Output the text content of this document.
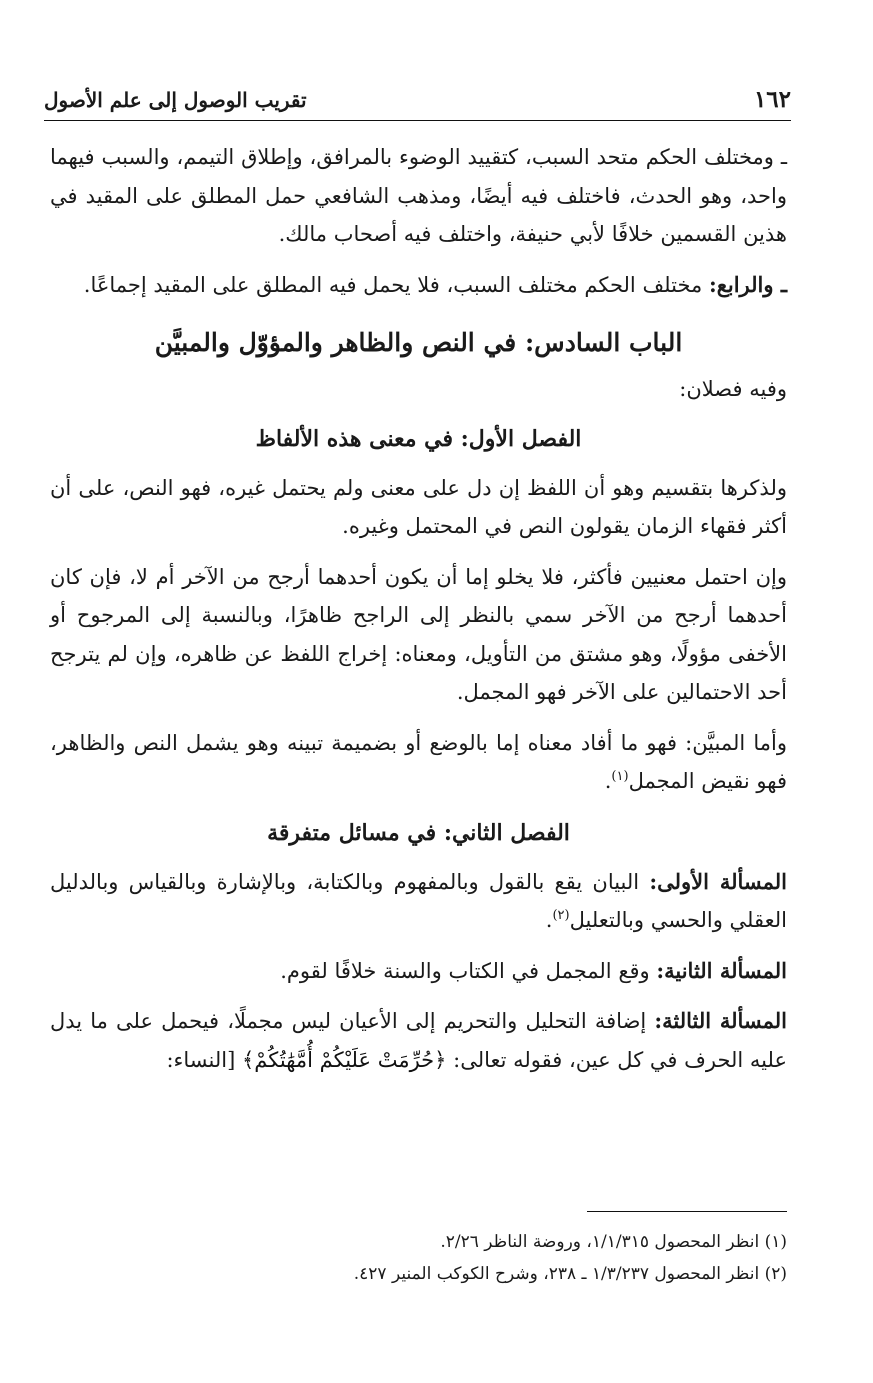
١٦٢
تقريب الوصول إلى علم الأصول

ـ ومختلف الحكم متحد السبب، كتقييد الوضوء بالمرافق، وإطلاق التيمم، والسبب فيهما واحد، وهو الحدث، فاختلف فيه أيضًا، ومذهب الشافعي حمل المطلق على المقيد في هذين القسمين خلافًا لأبي حنيفة، واختلف فيه أصحاب مالك.

ـ والرابع: مختلف الحكم مختلف السبب، فلا يحمل فيه المطلق على المقيد إجماعًا.

الباب السادس: في النص والظاهر والمؤوّل والمبيَّن

وفيه فصلان:

الفصل الأول: في معنى هذه الألفاظ

ولذكرها بتقسيم وهو أن اللفظ إن دل على معنى ولم يحتمل غيره، فهو النص، على أن أكثر فقهاء الزمان يقولون النص في المحتمل وغيره.

وإن احتمل معنيين فأكثر، فلا يخلو إما أن يكون أحدهما أرجح من الآخر أم لا، فإن كان أحدهما أرجح من الآخر سمي بالنظر إلى الراجح ظاهرًا، وبالنسبة إلى المرجوح أو الأخفى مؤولًا، وهو مشتق من التأويل، ومعناه: إخراج اللفظ عن ظاهره، وإن لم يترجح أحد الاحتمالين على الآخر فهو المجمل.

وأما المبيَّن: فهو ما أفاد معناه إما بالوضع أو بضميمة تبينه وهو يشمل النص والظاهر، فهو نقيض المجمل$^{(١)}$.

الفصل الثاني: في مسائل متفرقة

المسألة الأولى: البيان يقع بالقول وبالمفهوم وبالكتابة، وبالإشارة وبالقياس وبالدليل العقلي والحسي وبالتعليل$^{(٢)}$.

المسألة الثانية: وقع المجمل في الكتاب والسنة خلافًا لقوم.

المسألة الثالثة: إضافة التحليل والتحريم إلى الأعيان ليس مجملًا، فيحمل على ما يدل عليه الحرف في كل عين، فقوله تعالى: ﴿حُرِّمَتْ عَلَيْكُمْ أُمَّهَٰتُكُمْ﴾ [النساء:

(١) انظر المحصول ١/١/٣١٥، وروضة الناظر ٢/٢٦.
(٢) انظر المحصول ١/٣/٢٣٧ ـ ٢٣٨، وشرح الكوكب المنير ٤٢٧.
